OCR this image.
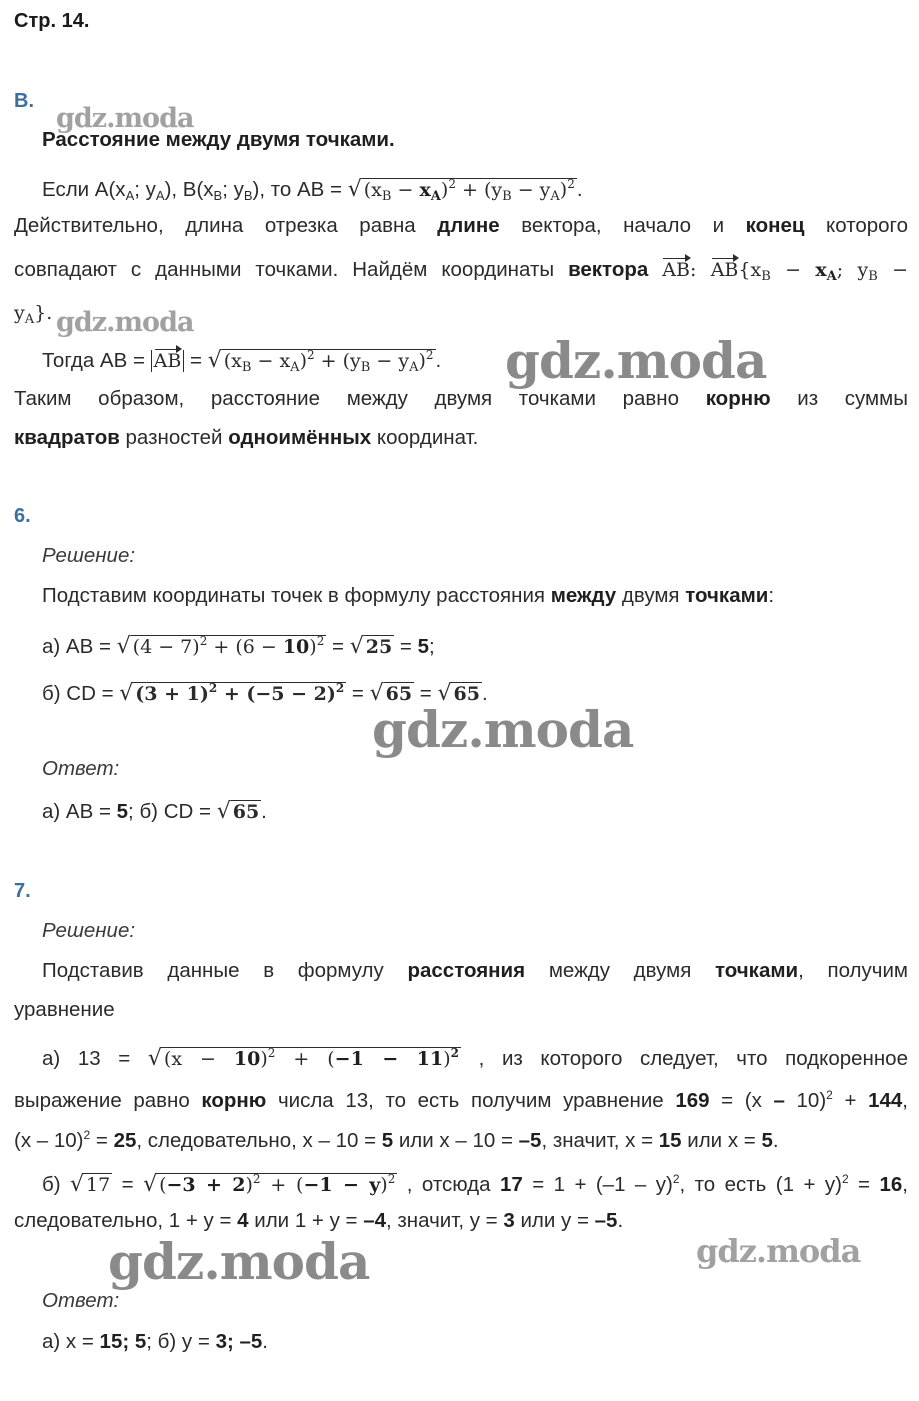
Стр. 14.
В.
Расстояние между двумя точками.
Если $A(x_A$; $y_A$), $B(x_B$; $y_B$), то AB = √ $(x_B - x_A)^2 + (y_B - y_A)^2$.
Действительно, длина отрезка равна длине вектора, начало и конец которого
совпадают с данными точками. Найдём координаты вектора AB: $AB\{x_B - x_A$; $y_B$ −
$y_A$}.
Тогда AB = AB = √ $(x_B - x_A)^2 + (y_B - y_A)^2$.
Таким образом, расстояние между двумя точками равно корню из суммы
квадратов разностей одноимённых координат.
6.
Решение:
Подставим координаты точек в формулу расстояния между двумя точками:
а) AB = √ $(4 - 7)^2 + (6 - 10)^2$ = √ 25 = 5;
б) CD = √ $(3 + 1)^2 + (-5 - 2)^2$ = √ 65 = √ 65.
Ответ:
а) AB = 5; б) CD = √ 65.
7.
Решение:
Подставив данные в формулу расстояния между двумя точками, получим
уравнение
а) 13 = √ $(x - 10)^2 + (-1 - 11)^2$ , из которого следует, что подкоренное
выражение равно корню числа 13, то есть получим уравнение 169 = (x – 10)$^2$ + 144,
(x – 10)$^2$ = 25, следовательно, x – 10 = 5 или x – 10 = –5, значит, x = 15 или x = 5.
б) √ 17 = √ $(-3 + 2)^2 + (-1 - y)^2$ , отсюда 17 = 1 + (–1 – y)$^2$, то есть $(1 + y)^2 = 16$,
следовательно, 1 + y = 4 или 1 + y = –4, значит, y = 3 или y = –5.
Ответ:
а) x = 15; 5; б) y = 3; –5.
gdz.moda
gdz.moda
gdz.moda
gdz.moda
gdz.moda	gdz.moda
